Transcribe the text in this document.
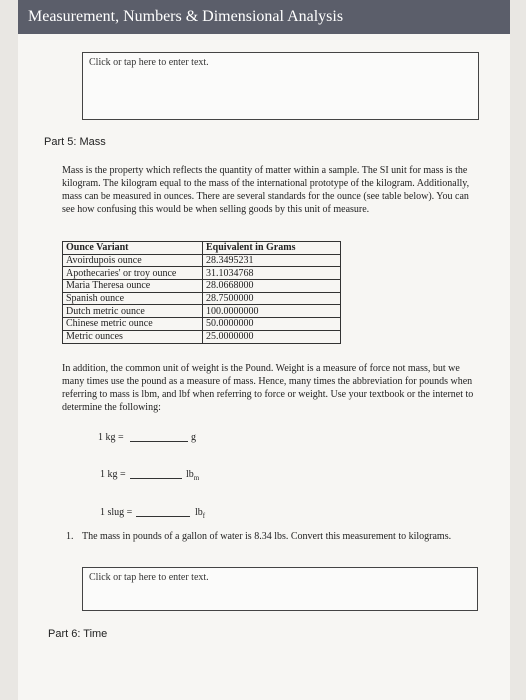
Measurement, Numbers & Dimensional Analysis
Click or tap here to enter text.
Part 5: Mass
Mass is the property which reflects the quantity of matter within a sample. The SI unit for mass is the kilogram. The kilogram equal to the mass of the international prototype of the kilogram. Additionally, mass can be measured in ounces. There are several standards for the ounce (see table below). You can see how confusing this would be when selling goods by this unit of measure.
Ounce Variant	Equivalent in Grams
Avoirdupois ounce	28.3495231
Apothecaries' or troy ounce	31.1034768
Maria Theresa ounce	28.0668000
Spanish ounce	28.7500000
Dutch metric ounce	100.0000000
Chinese metric ounce	50.0000000
Metric ounces	25.0000000
In addition, the common unit of weight is the Pound. Weight is a measure of force not mass, but we many times use the pound as a measure of mass. Hence, many times the abbreviation for pounds when referring to mass is lbm, and lbf when referring to force or weight. Use your textbook or the internet to determine the following:
1 kg =	g
1 kg =	$lb_m$
1 slug =	$lb_f$
1. The mass in pounds of a gallon of water is 8.34 lbs. Convert this measurement to kilograms.
Click or tap here to enter text.
Part 6: Time
